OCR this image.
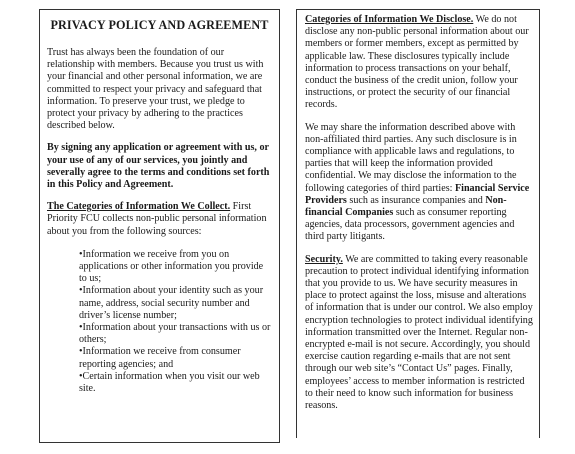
PRIVACY POLICY AND AGREEMENT

Trust has always been the foundation of our relationship with members. Because you trust us with your financial and other personal information, we are committed to respect your privacy and safeguard that information. To preserve your trust, we pledge to protect your privacy by adhering to the practices described below.

By signing any application or agreement with us, or your use of any of our services, you jointly and severally agree to the terms and conditions set forth in this Policy and Agreement.

The Categories of Information We Collect. First Priority FCU collects non-public personal information about you from the following sources:

•Information we receive from you on applications or other information you provide to us;
•Information about your identity such as your name, address, social security number and driver’s license number;
•Information about your transactions with us or others;
•Information we receive from consumer reporting agencies; and
•Certain information when you visit our web site.

Categories of Information We Disclose. We do not disclose any non-public personal information about our members or former members, except as permitted by applicable law. These disclosures typically include information to process transactions on your behalf, conduct the business of the credit union, follow your instructions, or protect the security of our financial records.

We may share the information described above with non-affiliated third parties. Any such disclosure is in compliance with applicable laws and regulations, to parties that will keep the information provided confidential. We may disclose the information to the following categories of third parties: Financial Service Providers such as insurance companies and Non-financial Companies such as consumer reporting agencies, data processors, government agencies and third party litigants.

Security. We are committed to taking every reasonable precaution to protect individual identifying information that you provide to us. We have security measures in place to protect against the loss, misuse and alterations of information that is under our control. We also employ encryption technologies to protect individual identifying information transmitted over the Internet. Regular non-encrypted e-mail is not secure. Accordingly, you should exercise caution regarding e-mails that are not sent through our web site’s “Contact Us” pages. Finally, employees’ access to member information is restricted to their need to know such information for business reasons.
